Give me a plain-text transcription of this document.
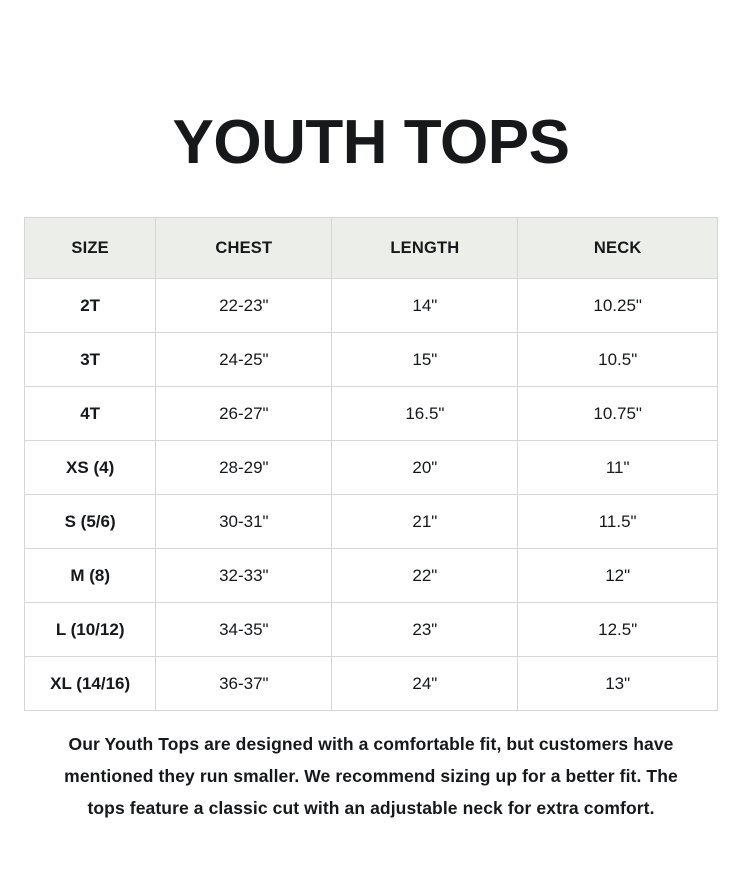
YOUTH TOPS
SIZE	CHEST	LENGTH	NECK
2T	22-23"	14"	10.25"
3T	24-25"	15"	10.5"
4T	26-27"	16.5"	10.75"
XS (4)	28-29"	20"	11"
S (5/6)	30-31"	21"	11.5"
M (8)	32-33"	22"	12"
L (10/12)	34-35"	23"	12.5"
XL (14/16)	36-37"	24"	13"

Our Youth Tops are designed with a comfortable fit, but customers have mentioned they run smaller. We recommend sizing up for a better fit. The tops feature a classic cut with an adjustable neck for extra comfort.
